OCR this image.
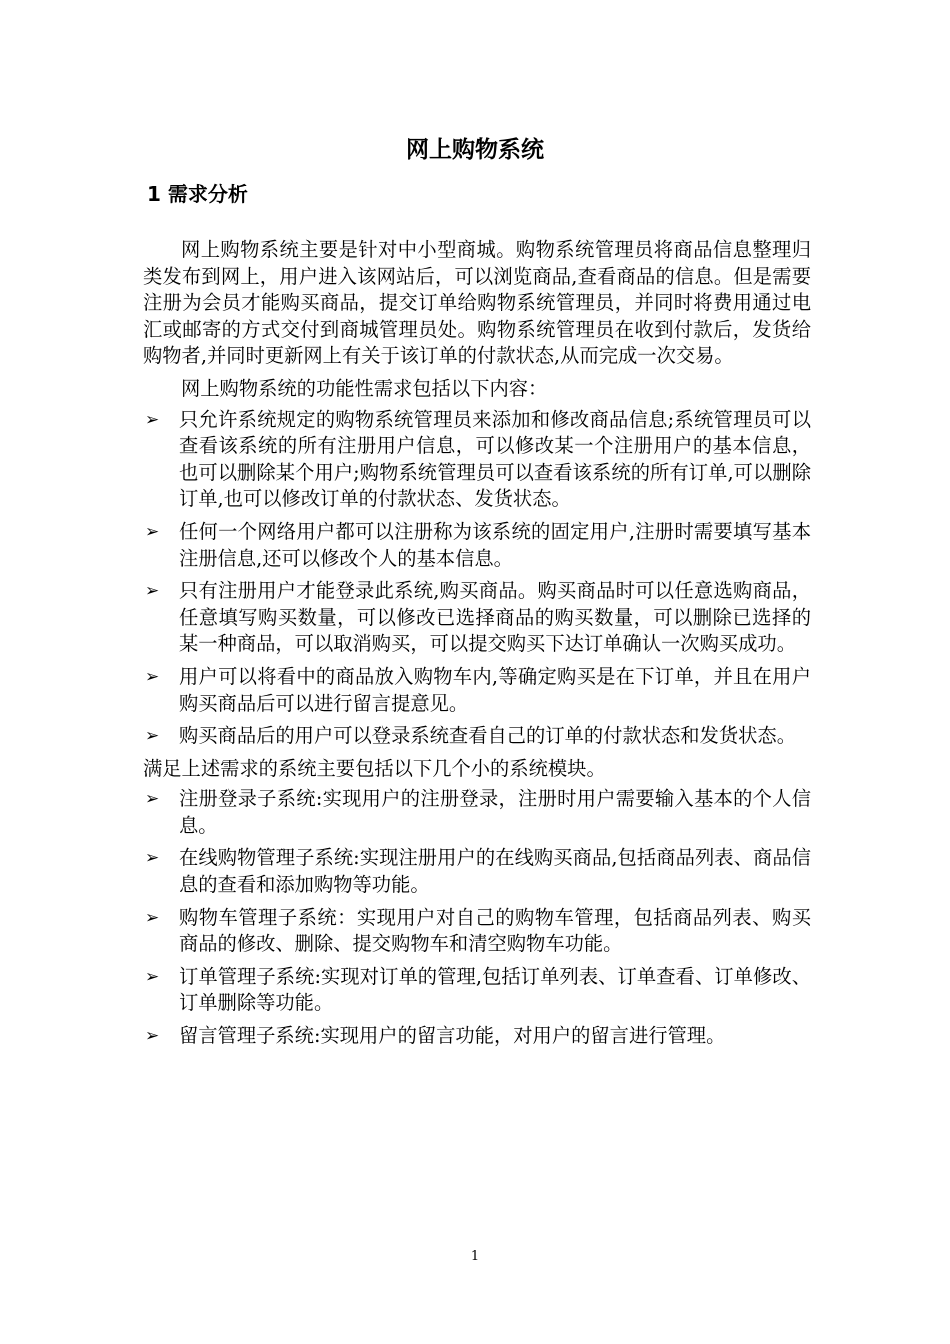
网上购物系统
1 需求分析

网上购物系统主要是针对中小型商城。购物系统管理员将商品信息整理归类发布到网上，用户进入该网站后，可以浏览商品,查看商品的信息。但是需要注册为会员才能购买商品，提交订单给购物系统管理员，并同时将费用通过电汇或邮寄的方式交付到商城管理员处。购物系统管理员在收到付款后，发货给购物者,并同时更新网上有关于该订单的付款状态,从而完成一次交易。

网上购物系统的功能性需求包括以下内容：

➢ 只允许系统规定的购物系统管理员来添加和修改商品信息;系统管理员可以查看该系统的所有注册用户信息，可以修改某一个注册用户的基本信息，也可以删除某个用户;购物系统管理员可以查看该系统的所有订单,可以删除订单,也可以修改订单的付款状态、发货状态。
➢ 任何一个网络用户都可以注册称为该系统的固定用户,注册时需要填写基本注册信息,还可以修改个人的基本信息。
➢ 只有注册用户才能登录此系统,购买商品。购买商品时可以任意选购商品，任意填写购买数量，可以修改已选择商品的购买数量，可以删除已选择的某一种商品，可以取消购买，可以提交购买下达订单确认一次购买成功。
➢ 用户可以将看中的商品放入购物车内,等确定购买是在下订单，并且在用户购买商品后可以进行留言提意见。
➢ 购买商品后的用户可以登录系统查看自己的订单的付款状态和发货状态。

满足上述需求的系统主要包括以下几个小的系统模块。

➢ 注册登录子系统:实现用户的注册登录，注册时用户需要输入基本的个人信息。
➢ 在线购物管理子系统:实现注册用户的在线购买商品,包括商品列表、商品信息的查看和添加购物等功能。
➢ 购物车管理子系统：实现用户对自己的购物车管理，包括商品列表、购买商品的修改、删除、提交购物车和清空购物车功能。
➢ 订单管理子系统:实现对订单的管理,包括订单列表、订单查看、订单修改、订单删除等功能。
➢ 留言管理子系统:实现用户的留言功能，对用户的留言进行管理。
1
